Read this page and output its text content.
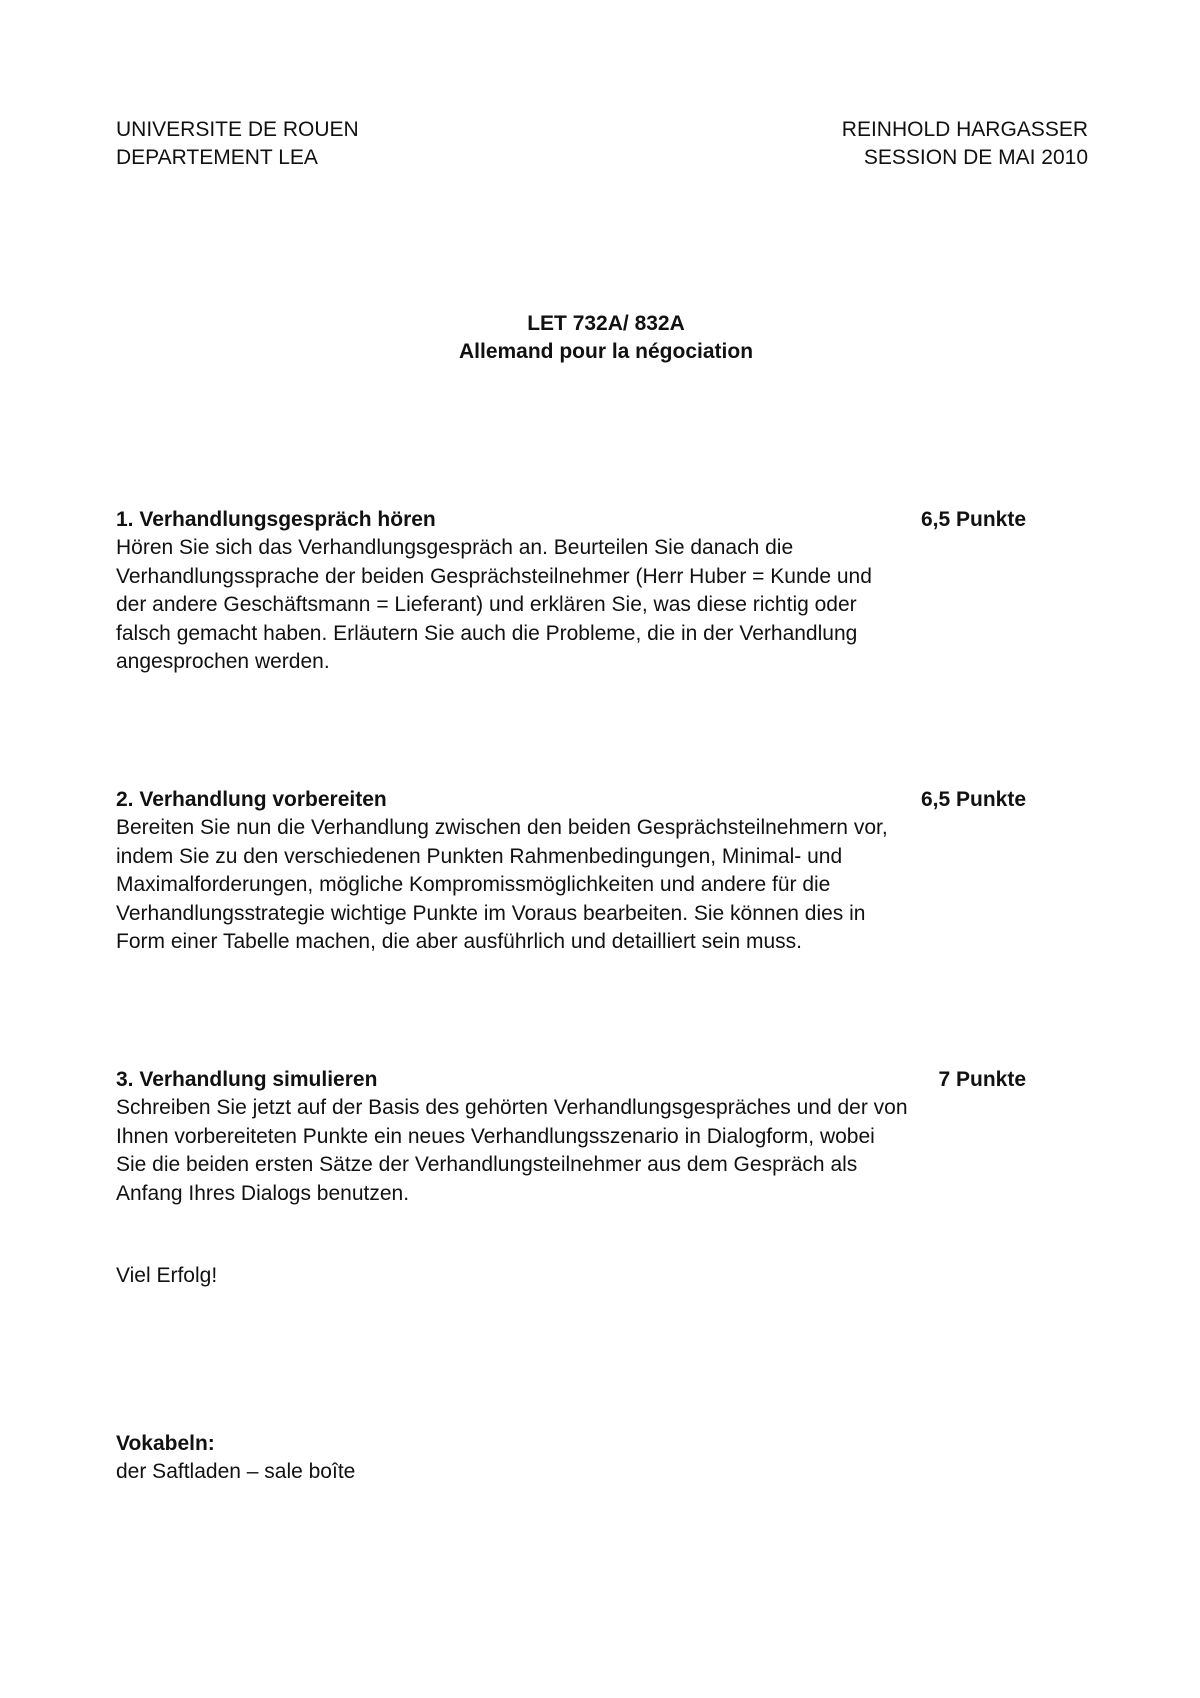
UNIVERSITE DE ROUEN
DEPARTEMENT LEA
REINHOLD HARGASSER
SESSION DE MAI 2010
LET 732A/ 832A
Allemand pour la négociation
1. Verhandlungsgespräch hören	6,5 Punkte
Hören Sie sich das Verhandlungsgespräch an. Beurteilen Sie danach die
Verhandlungssprache der beiden Gesprächsteilnehmer (Herr Huber = Kunde und
der andere Geschäftsmann = Lieferant) und erklären Sie, was diese richtig oder
falsch gemacht haben. Erläutern Sie auch die Probleme, die in der Verhandlung
angesprochen werden.
2. Verhandlung vorbereiten	6,5 Punkte
Bereiten Sie nun die Verhandlung zwischen den beiden Gesprächsteilnehmern vor,
indem Sie zu den verschiedenen Punkten Rahmenbedingungen, Minimal- und
Maximalforderungen, mögliche Kompromissmöglichkeiten und andere für die
Verhandlungsstrategie wichtige Punkte im Voraus bearbeiten. Sie können dies in
Form einer Tabelle machen, die aber ausführlich und detailliert sein muss.
3. Verhandlung simulieren	7 Punkte
Schreiben Sie jetzt auf der Basis des gehörten Verhandlungsgespräches und der von
Ihnen vorbereiteten Punkte ein neues Verhandlungsszenario in Dialogform, wobei
Sie die beiden ersten Sätze der Verhandlungsteilnehmer aus dem Gespräch als
Anfang Ihres Dialogs benutzen.
Viel Erfolg!
Vokabeln:
der Saftladen – sale boîte
